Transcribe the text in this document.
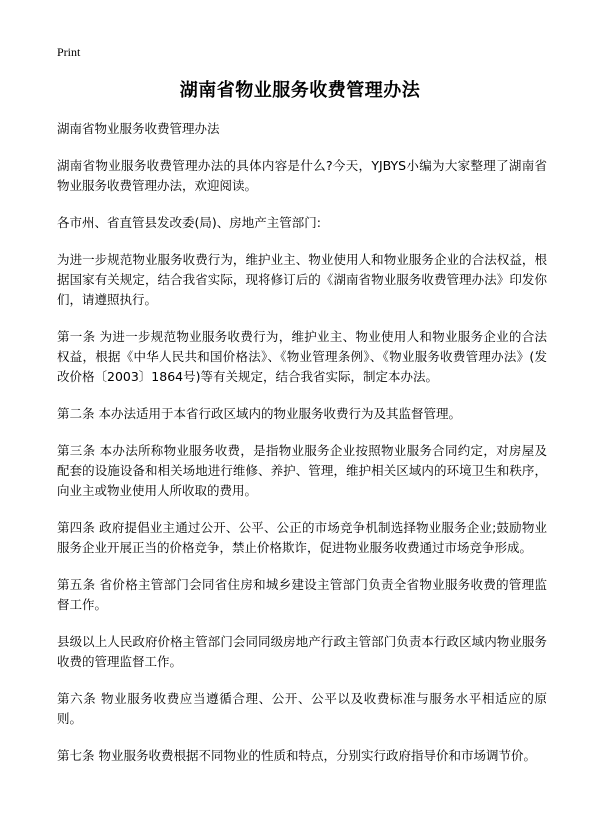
Print
湖南省物业服务收费管理办法

湖南省物业服务收费管理办法

湖南省物业服务收费管理办法的具体内容是什么?今天，YJBYS小编为大家整理了湖南省物业服务收费管理办法，欢迎阅读。

各市州、省直管县发改委(局)、房地产主管部门:

为进一步规范物业服务收费行为，维护业主、物业使用人和物业服务企业的合法权益，根据国家有关规定，结合我省实际，现将修订后的《湖南省物业服务收费管理办法》印发你们，请遵照执行。

第一条 为进一步规范物业服务收费行为，维护业主、物业使用人和物业服务企业的合法权益，根据《中华人民共和国价格法》、《物业管理条例》、《物业服务收费管理办法》(发改价格〔2003〕1864号)等有关规定，结合我省实际，制定本办法。

第二条 本办法适用于本省行政区域内的物业服务收费行为及其监督管理。

第三条 本办法所称物业服务收费，是指物业服务企业按照物业服务合同约定，对房屋及配套的设施设备和相关场地进行维修、养护、管理，维护相关区域内的环境卫生和秩序，向业主或物业使用人所收取的费用。

第四条 政府提倡业主通过公开、公平、公正的市场竞争机制选择物业服务企业;鼓励物业服务企业开展正当的价格竞争，禁止价格欺诈，促进物业服务收费通过市场竞争形成。

第五条 省价格主管部门会同省住房和城乡建设主管部门负责全省物业服务收费的管理监督工作。

县级以上人民政府价格主管部门会同同级房地产行政主管部门负责本行政区域内物业服务收费的管理监督工作。

第六条 物业服务收费应当遵循合理、公开、公平以及收费标准与服务水平相适应的原则。

第七条 物业服务收费根据不同物业的性质和特点，分别实行政府指导价和市场调节价。
